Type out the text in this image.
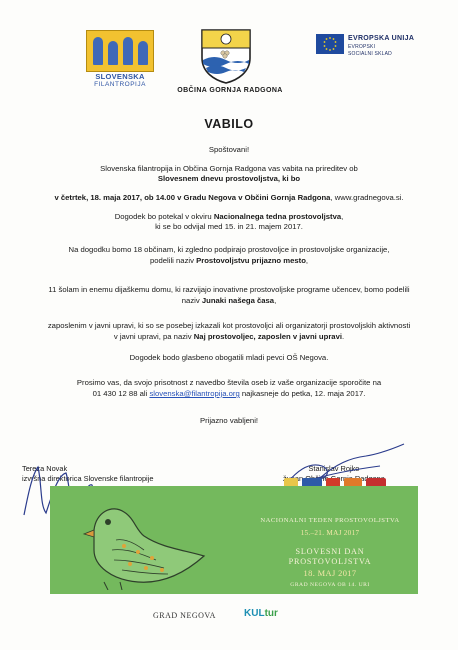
SLOVENSKA
FILANTROPIJA
OBČINA GORNJA RADGONA
EVROPSKA UNIJA
EVROPSKI
SOCIALNI SKLAD
VABILO
Spoštovani!
Slovenska filantropija in Občina Gornja Radgona vas vabita na prireditev ob
Slovesnem dnevu prostovoljstva, ki bo
v četrtek, 18. maja 2017, ob 14.00 v Gradu Negova v Občini Gornja Radgona, www.gradnegova.si.
Dogodek bo potekal v okviru Nacionalnega tedna prostovoljstva,
ki se bo odvijal med 15. in 21. majem 2017.
Na dogodku bomo 18 občinam, ki zgledno podpirajo prostovoljce in prostovoljske organizacije,
podelili naziv Prostovoljstvu prijazno mesto,
11 šolam in enemu dijaškemu domu, ki razvijajo inovativne prostovoljske programe učencev, bomo podelili
naziv Junaki našega časa,
zaposlenim v javni upravi, ki so se posebej izkazali kot prostovoljci ali organizatorji prostovoljskih aktivnosti
v javni upravi, pa naziv Naj prostovoljec, zaposlen v javni upravi.
Dogodek bodo glasbeno obogatili mladi pevci OŠ Negova.
Prosimo vas, da svojo prisotnost z navedbo števila oseb iz vaše organizacije sporočite na
01 430 12 88 ali slovenska@filantropija.org najkasneje do petka, 12. maja 2017.
Prijazno vabljeni!
Tereza Novak
izvršna direktorica Slovenske filantropije
Stanislav Rojko
Gornja
NACIONALNI TEDEN PROSTOVOLJSTVA
15.–21. MAJ 2017
SLOVESNI DAN
PROSTOVOLJSTVA
18. MAJ 2017
GRAD NEGOVA OB 14. URI
GRAD NEGOVA	KULtur
